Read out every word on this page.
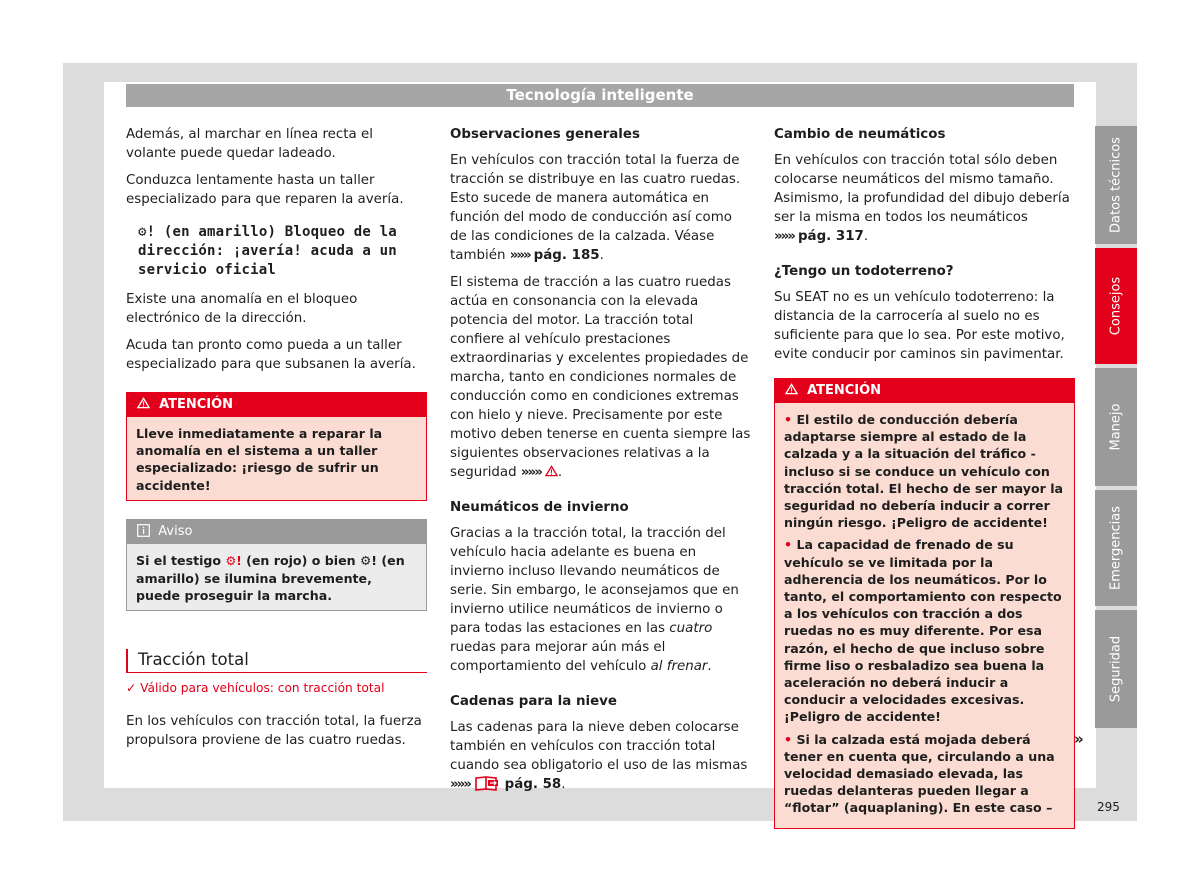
Tecnología inteligente

Además, al marchar en línea recta el volante puede quedar ladeado.

Conduzca lentamente hasta un taller especializado para que reparen la avería.

⚙! (en amarillo) Bloqueo de la dirección: ¡avería! acuda a un servicio oficial

Existe una anomalía en el bloqueo electrónico de la dirección.

Acuda tan pronto como pueda a un taller especializado para que subsanen la avería.

ATENCIÓN
Lleve inmediatamente a reparar la anomalía en el sistema a un taller especializado: ¡riesgo de sufrir un accidente!
Aviso
Si el testigo ⚙! (en rojo) o bien ⚙! (en amarillo) se ilumina brevemente, puede proseguir la marcha.
Tracción total
✓ Válido para vehículos: con tracción total

En los vehículos con tracción total, la fuerza propulsora proviene de las cuatro ruedas.

Observaciones generales

En vehículos con tracción total la fuerza de tracción se distribuye en las cuatro ruedas. Esto sucede de manera automática en función del modo de conducción así como de las condiciones de la calzada. Véase también »»» pág. 185.

El sistema de tracción a las cuatro ruedas actúa en consonancia con la elevada potencia del motor. La tracción total confiere al vehículo prestaciones extraordinarias y excelentes propiedades de marcha, tanto en condiciones normales de conducción como en condiciones extremas con hielo y nieve. Precisamente por este motivo deben tenerse en cuenta siempre las siguientes observaciones relativas a la seguridad »»» .

Neumáticos de invierno

Gracias a la tracción total, la tracción del vehículo hacia adelante es buena en invierno incluso llevando neumáticos de serie. Sin embargo, le aconsejamos que en invierno utilice neumáticos de invierno o para todas las estaciones en las cuatro ruedas para mejorar aún más el comportamiento del vehículo al frenar.

Cadenas para la nieve

Las cadenas para la nieve deben colocarse también en vehículos con tracción total cuando sea obligatorio el uso de las mismas »»»	pág. 58.

Cambio de neumáticos

En vehículos con tracción total sólo deben colocarse neumáticos del mismo tamaño. Asimismo, la profundidad del dibujo debería ser la misma en todos los neumáticos »»» pág. 317.

¿Tengo un todoterreno?

Su SEAT no es un vehículo todoterreno: la distancia de la carrocería al suelo no es suficiente para que lo sea. Por este motivo, evite conducir por caminos sin pavimentar.

ATENCIÓN
• El estilo de conducción debería adaptarse siempre al estado de la calzada y a la situación del tráfico - incluso si se conduce un vehículo con tracción total. El hecho de ser mayor la seguridad no debería inducir a correr ningún riesgo. ¡Peligro de accidente!
• La capacidad de frenado de su vehículo se ve limitada por la adherencia de los neumáticos. Por lo tanto, el comportamiento con respecto a los vehículos con tracción a dos ruedas no es muy diferente. Por esa razón, el hecho de que incluso sobre firme liso o resbaladizo sea buena la aceleración no deberá inducir a conducir a velocidades excesivas. ¡Peligro de accidente!
• Si la calzada está mojada deberá tener en cuenta que, circulando a una velocidad demasiado elevada, las ruedas delanteras pueden llegar a “flotar” (aquaplaning). En este caso –
»
Datos técnicos
Consejos
Manejo
Emergencias
Seguridad
295
